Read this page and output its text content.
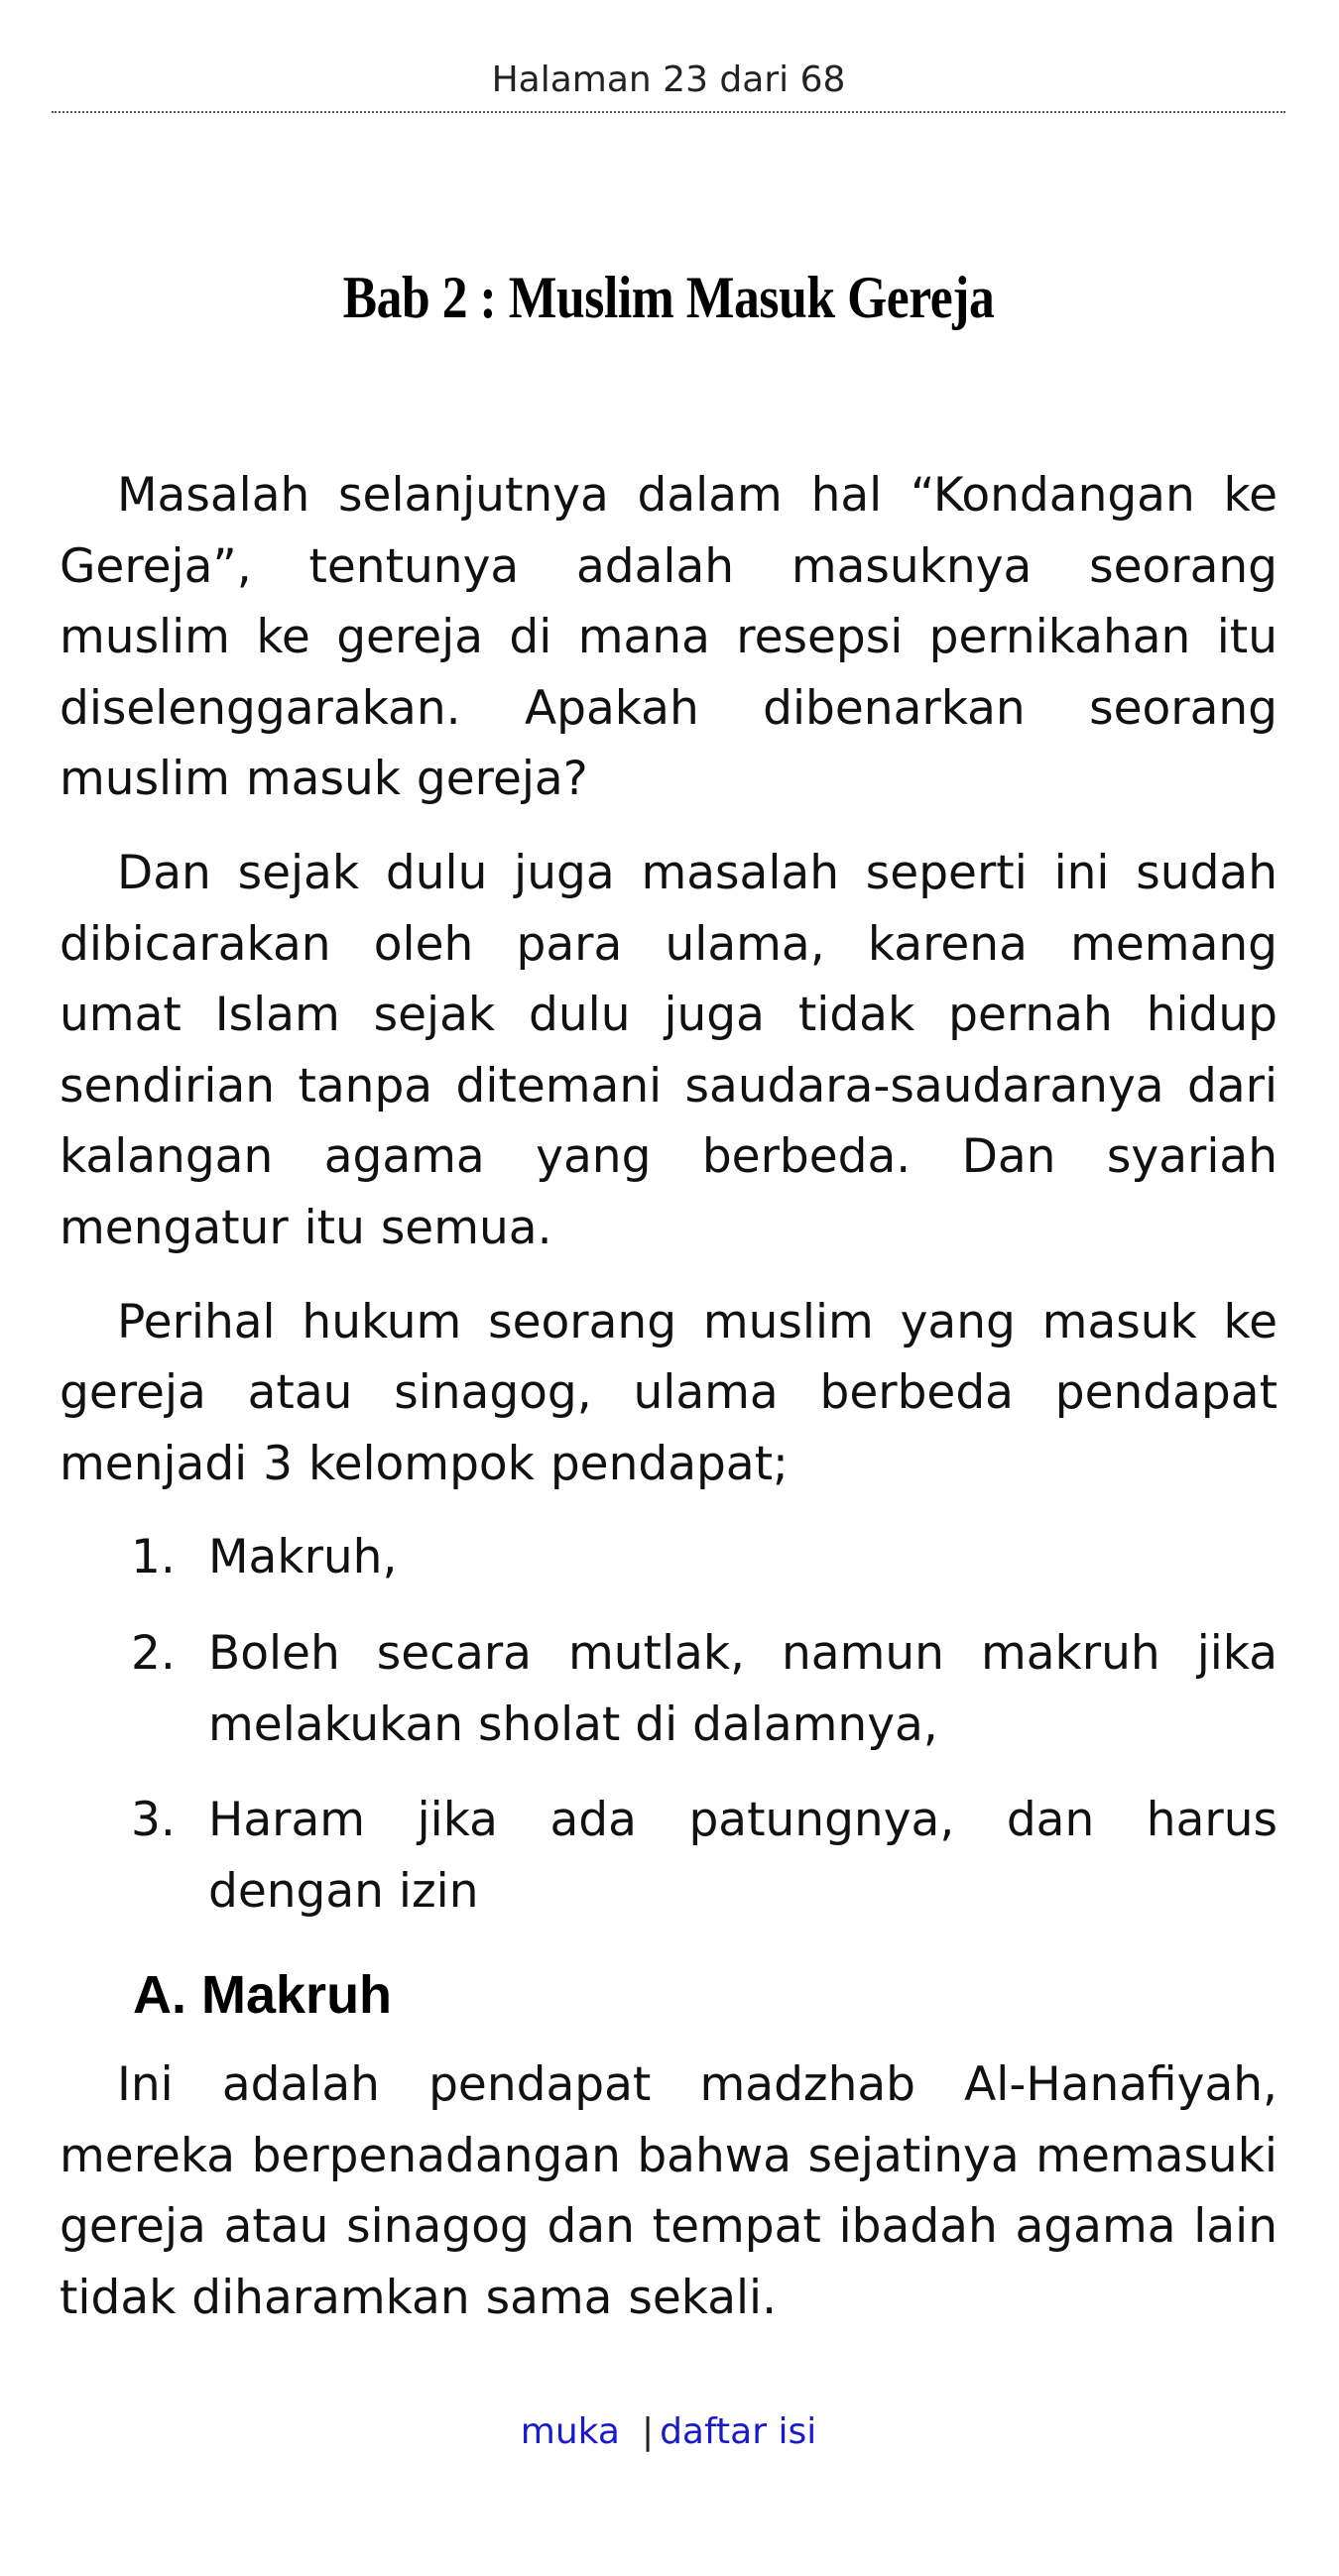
Halaman 23 dari 68
Bab 2 : Muslim Masuk Gereja

Masalah selanjutnya dalam hal “Kondangan ke Gereja”, tentunya adalah masuknya seorang muslim ke gereja di mana resepsi pernikahan itu diselenggarakan. Apakah dibenarkan seorang muslim masuk gereja?

Dan sejak dulu juga masalah seperti ini sudah dibicarakan oleh para ulama, karena memang umat Islam sejak dulu juga tidak pernah hidup sendirian tanpa ditemani saudara-saudaranya dari kalangan agama yang berbeda. Dan syariah mengatur itu semua.

Perihal hukum seorang muslim yang masuk ke gereja atau sinagog, ulama berbeda pendapat menjadi 3 kelompok pendapat;

1. Makruh,
2. Boleh secara mutlak, namun makruh jika melakukan sholat di dalamnya,
3. Haram jika ada patungnya, dan harus dengan izin
A. Makruh

Ini adalah pendapat madzhab Al-Hanafiyah, mereka berpenadangan bahwa sejatinya memasuki gereja atau sinagog dan tempat ibadah agama lain tidak diharamkan sama sekali.

muka | daftar isi
